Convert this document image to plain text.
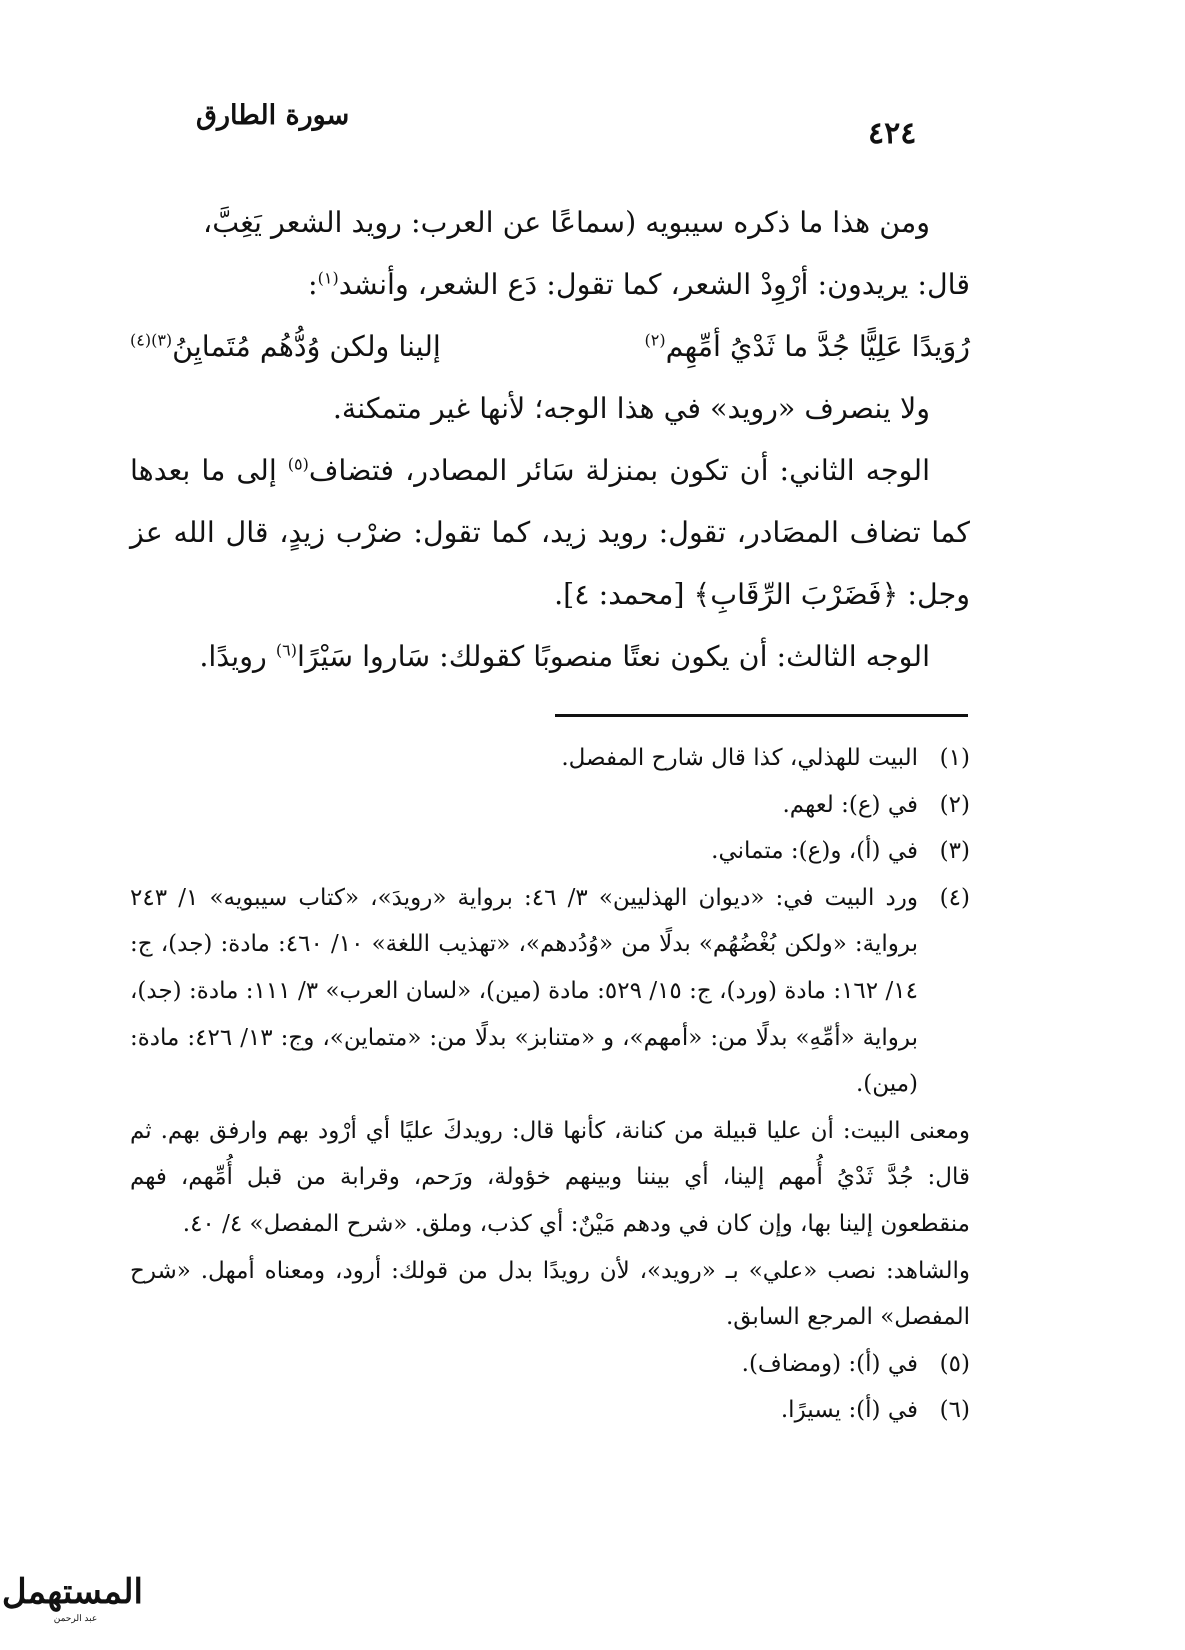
سورة الطارق
٤٢٤

ومن هذا ما ذكره سيبويه (سماعًا عن العرب: رويد الشعر يَغِبَّ،

قال: يريدون: أرْوِدْ الشعر، كما تقول: دَع الشعر، وأنشد$^{(١)}$:

رُوَيدًا عَلِيًّا جُدَّ ما ثَدْيُ أمِّهِم$^{(٢)}$
إلينا ولكن وُدُّهُم مُتَمايِنُ$^{(٣)(٤)}$

ولا ينصرف «رويد» في هذا الوجه؛ لأنها غير متمكنة.

الوجه الثاني: أن تكون بمنزلة سَائر المصادر، فتضاف$^{(٥)}$ إلى ما بعدها كما تضاف المصَادر، تقول: رويد زيد، كما تقول: ضرْب زيدٍ، قال الله عز وجل: ﴿فَضَرْبَ الرِّقَابِ﴾ [محمد: ٤].

الوجه الثالث: أن يكون نعتًا منصوبًا كقولك: سَاروا سَيْرًا$^{(٦)}$ رويدًا.

(١)
البيت للهذلي، كذا قال شارح المفصل.
(٢)
في (ع): لعهم.
(٣)
في (أ)، و(ع): متماني.
(٤)
ورد البيت في: «ديوان الهذليين» ٣/ ٤٦: برواية «رويدَ»، «كتاب سيبويه» ١/ ٢٤٣ برواية: «ولكن بُغْضُهُم» بدلًا من «وُدُدهم»، «تهذيب اللغة» ١٠/ ٤٦٠: مادة: (جد)، ج: ١٤/ ١٦٢: مادة (ورد)، ج: ١٥/ ٥٢٩: مادة (مين)، «لسان العرب» ٣/ ١١١: مادة: (جد)، برواية «أمِّهِ» بدلًا من: «أمهم»، و «متنابز» بدلًا من: «متماين»، وج: ١٣/ ٤٢٦: مادة: (مين).

ومعنى البيت: أن عليا قبيلة من كنانة، كأنها قال: رويدكَ عليًا أي أرْود بهم وارفق بهم. ثم قال: جُدَّ ثَدْيُ أُمهم إلينا، أي بيننا وبينهم خؤولة، ورَحم، وقرابة من قبل أُمِّهم، فهم منقطعون إلينا بها، وإن كان في ودهم مَيْنٌ: أي كذب، وملق. «شرح المفصل» ٤/ ٤٠.

والشاهد: نصب «علي» بـ «رويد»، لأن رويدًا بدل من قولك: أرود، ومعناه أمهل. «شرح المفصل» المرجع السابق.

(٥)
في (أ): (ومضاف).
(٦)
في (أ): يسيرًا.
المستهمل
عبد الرحمن
